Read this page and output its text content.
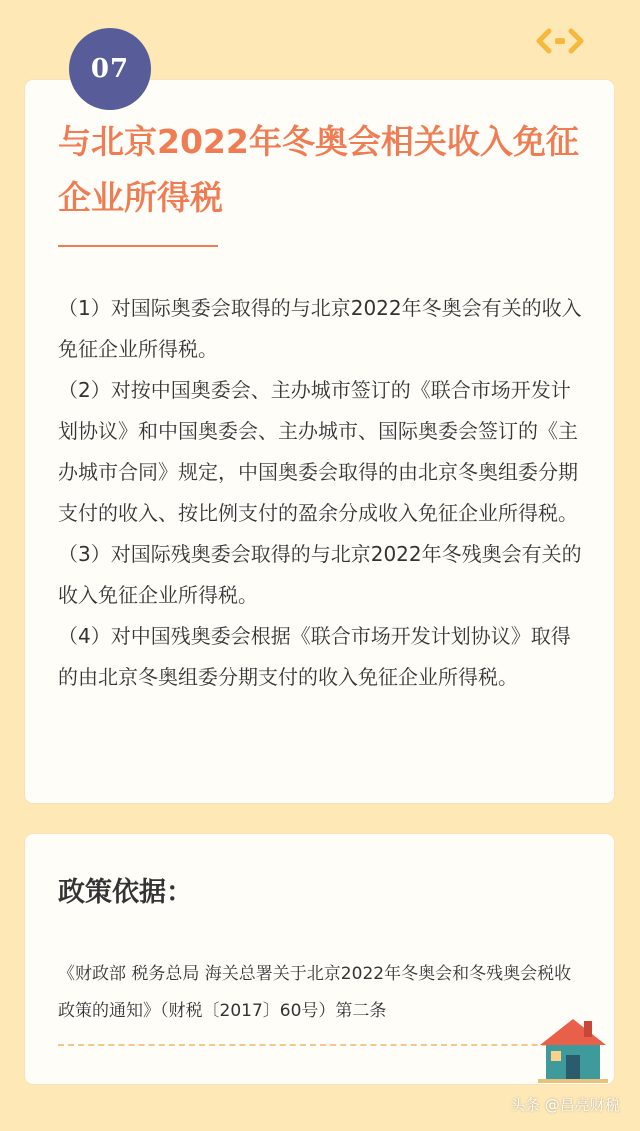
07
与北京2022年冬奥会相关收入免征企业所得税

（1）对国际奥委会取得的与北京2022年冬奥会有关的收入免征企业所得税。

（2）对按中国奥委会、主办城市签订的《联合市场开发计划协议》和中国奥委会、主办城市、国际奥委会签订的《主办城市合同》规定，中国奥委会取得的由北京冬奥组委分期支付的收入、按比例支付的盈余分成收入免征企业所得税。

（3）对国际残奥委会取得的与北京2022年冬残奥会有关的收入免征企业所得税。

（4）对中国残奥委会根据《联合市场开发计划协议》取得的由北京冬奥组委分期支付的收入免征企业所得税。

政策依据：

《财政部 税务总局 海关总署关于北京2022年冬奥会和冬残奥会税收政策的通知》（财税〔2017〕60号）第二条

头条 @昌亮财税
